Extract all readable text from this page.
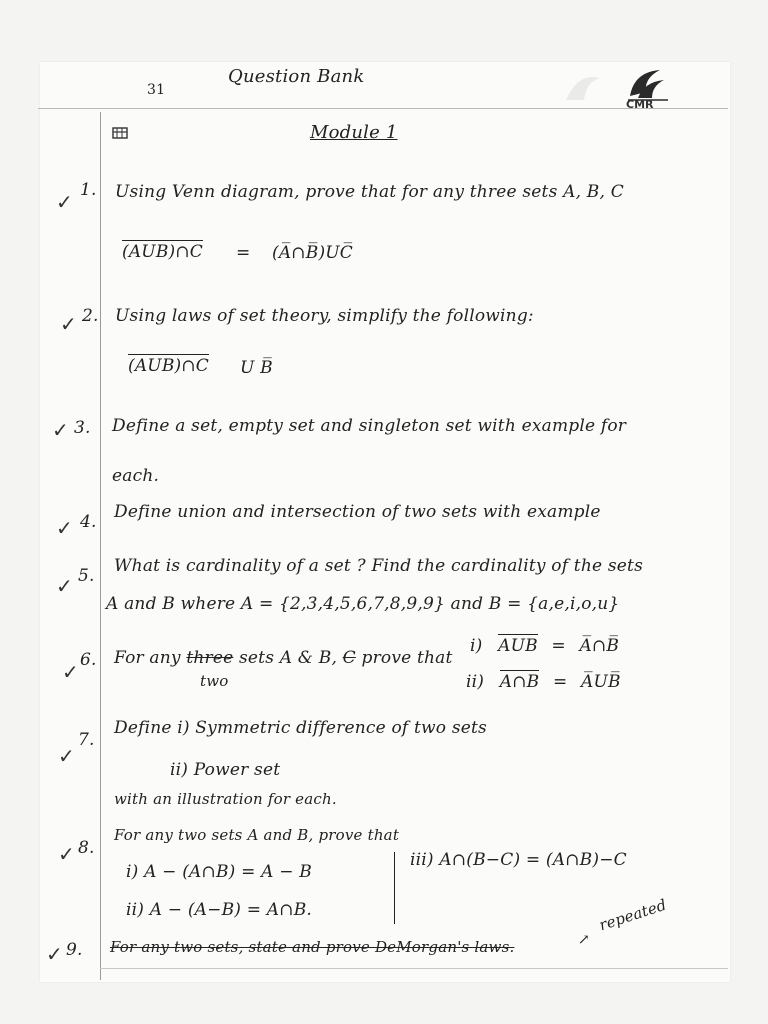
CMR
31
Question Bank
Module 1
✓ 1. Using Venn diagram, prove that for any three sets A, B, C
(AUB)∩C = (A̅∩B̅)UC̅
✓ 2. Using laws of set theory, simplify the following:
(AUB)∩C U B̅
✓ 3. Define a set, empty set and singleton set with example for
each.
✓ 4. Define union and intersection of two sets with example
✓ 5. What is cardinality of a set ? Find the cardinality of the sets
A and B where A = {2,3,4,5,6,7,8,9,9} and B = {a,e,i,o,u}
✓ 6. For any three sets A & B, C prove that
two
i) AUB = A̅∩B̅
ii) A∩B = A̅UB̅
✓
7.
Define i) Symmetric difference of two sets
ii) Power set
with an illustration for each.
✓ 8.
For any two sets A and B, prove that
i) A − (A∩B) = A − B
ii) A − (A−B) = A∩B.
iii) A∩(B−C) = (A∩B)−C
✓ 9. For any two sets, state and prove DeMorgan's laws.	↗
repeated
